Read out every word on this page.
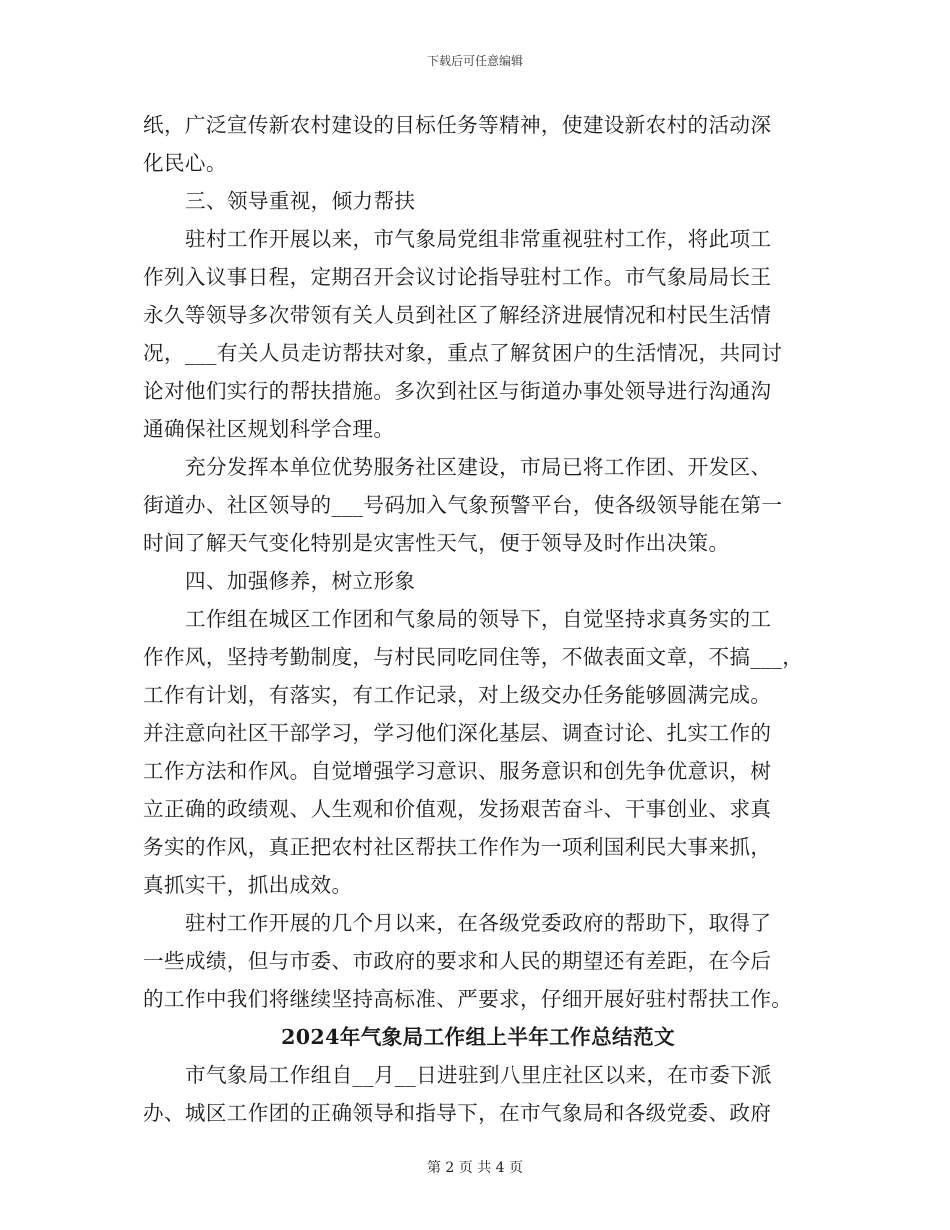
下载后可任意编辑
纸，广泛宣传新农村建设的目标任务等精神，使建设新农村的活动深
化民心。
三、领导重视，倾力帮扶
驻村工作开展以来，市气象局党组非常重视驻村工作，将此项工
作列入议事日程，定期召开会议讨论指导驻村工作。市气象局局长王
永久等领导多次带领有关人员到社区了解经济进展情况和村民生活情
况，___有关人员走访帮扶对象，重点了解贫困户的生活情况，共同讨
论对他们实行的帮扶措施。多次到社区与街道办事处领导进行沟通沟
通确保社区规划科学合理。
充分发挥本单位优势服务社区建设，市局已将工作团、开发区、
街道办、社区领导的___号码加入气象预警平台，使各级领导能在第一
时间了解天气变化特别是灾害性天气，便于领导及时作出决策。
四、加强修养，树立形象
工作组在城区工作团和气象局的领导下，自觉坚持求真务实的工
作作风，坚持考勤制度，与村民同吃同住等，不做表面文章，不搞___，
工作有计划，有落实，有工作记录，对上级交办任务能够圆满完成。
并注意向社区干部学习，学习他们深化基层、调查讨论、扎实工作的
工作方法和作风。自觉增强学习意识、服务意识和创先争优意识，树
立正确的政绩观、人生观和价值观，发扬艰苦奋斗、干事创业、求真
务实的作风，真正把农村社区帮扶工作作为一项利国利民大事来抓，
真抓实干，抓出成效。
驻村工作开展的几个月以来，在各级党委政府的帮助下，取得了
一些成绩，但与市委、市政府的要求和人民的期望还有差距，在今后
的工作中我们将继续坚持高标准、严要求，仔细开展好驻村帮扶工作。
2024年气象局工作组上半年工作总结范文
市气象局工作组自__月__日进驻到八里庄社区以来，在市委下派
办、城区工作团的正确领导和指导下，在市气象局和各级党委、政府
第 2 页 共 4 页
